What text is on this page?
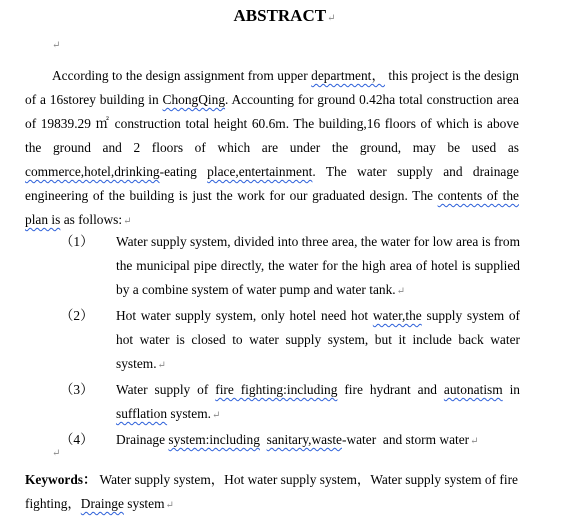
ABSTRACT↵
↵
According to the design assignment from upper department， this project is the design of a 16storey building in ChongQing. Accounting for ground 0.42ha total construction area of 19839.29 ㎡ construction total height 60.6m. The building,16 floors of which is above the ground and 2 floors of which are under the ground, may be used as commerce,hotel,drinking-eating place,entertainment. The water supply and drainage engineering of the building is just the work for our graduated design. The contents of the plan is as follows:↵
（1）	Water supply system, divided into three area, the water for low area is from the municipal pipe directly, the water for the high area of hotel is supplied by a combine system of water pump and water tank.↵
（2）	Hot water supply system, only hotel need hot water,the supply system of hot water is closed to water supply system, but it include back water system.↵
（3）	Water supply of fire fighting:including fire hydrant and autonatism in sufflation system.↵
（4）	Drainage system:including sanitary,waste-water  and storm water↵
↵
Keywords： Water supply system，Hot water supply system，Water supply system of fire fighting，Drainge system↵
